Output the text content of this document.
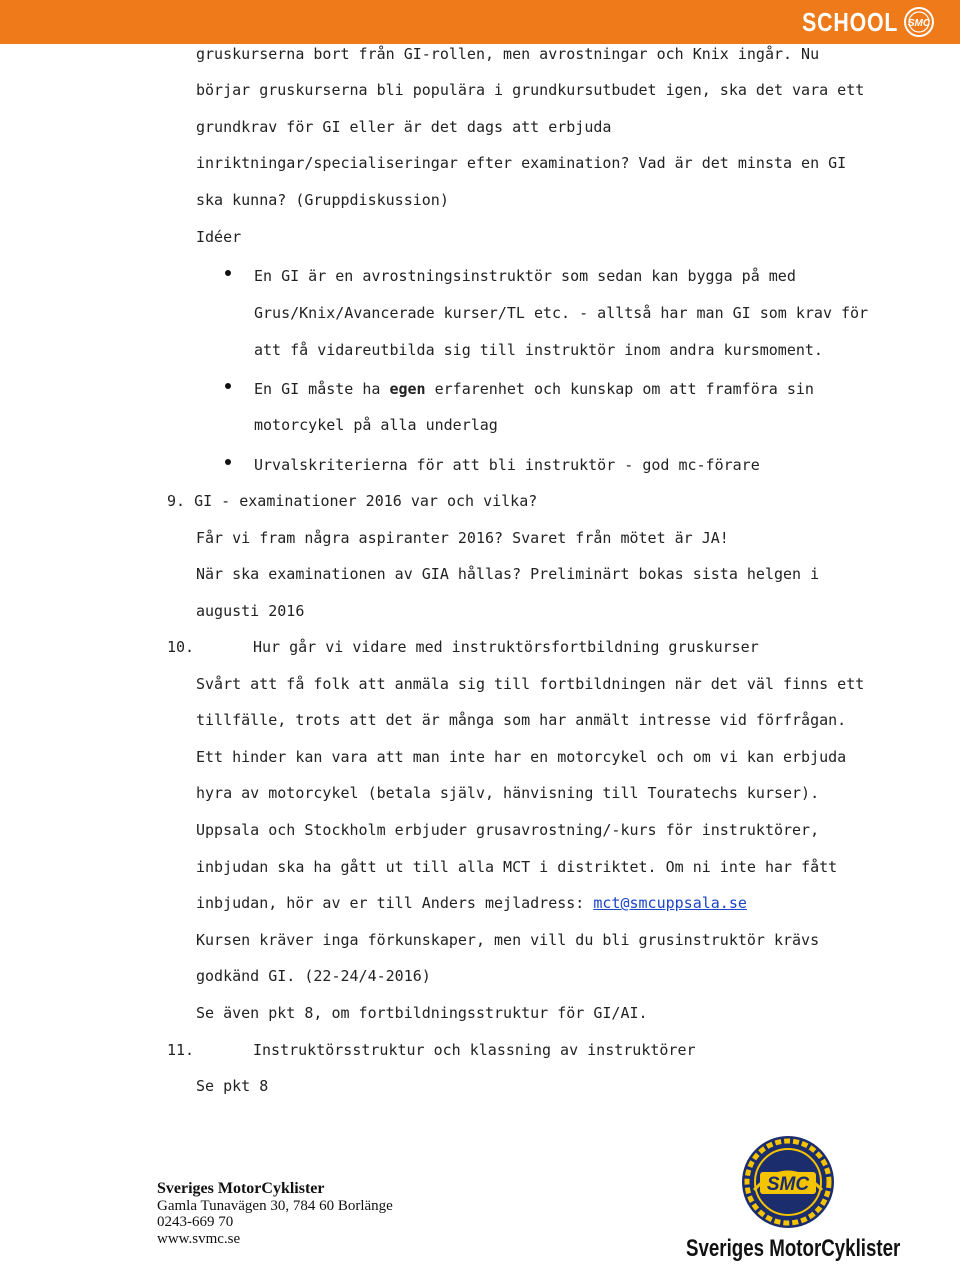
SCHOOL SMC
gruskurserna bort från GI-rollen, men avrostningar och Knix ingår. Nu
börjar gruskurserna bli populära i grundkursutbudet igen, ska det vara ett
grundkrav för GI eller är det dags att erbjuda
inriktningar/specialiseringar efter examination? Vad är det minsta en GI
ska kunna? (Gruppdiskussion)
Idéer
En GI är en avrostningsinstruktör som sedan kan bygga på med
Grus/Knix/Avancerade kurser/TL etc. - alltså har man GI som krav för
att få vidareutbilda sig till instruktör inom andra kursmoment.
En GI måste ha egen erfarenhet och kunskap om att framföra sin
motorcykel på alla underlag
Urvalskriterierna för att bli instruktör - god mc-förare
9. GI - examinationer 2016 var och vilka?
Får vi fram några aspiranter 2016? Svaret från mötet är JA!
När ska examinationen av GIA hållas? Preliminärt bokas sista helgen i
augusti 2016
10.	Hur går vi vidare med instruktörsfortbildning gruskurser
Svårt att få folk att anmäla sig till fortbildningen när det väl finns ett
tillfälle, trots att det är många som har anmält intresse vid förfrågan.
Ett hinder kan vara att man inte har en motorcykel och om vi kan erbjuda
hyra av motorcykel (betala själv, hänvisning till Touratechs kurser).
Uppsala och Stockholm erbjuder grusavrostning/-kurs för instruktörer,
inbjudan ska ha gått ut till alla MCT i distriktet. Om ni inte har fått
inbjudan, hör av er till Anders mejladress: mct@smcuppsala.se
Kursen kräver inga förkunskaper, men vill du bli grusinstruktör krävs
godkänd GI. (22-24/4-2016)
Se även pkt 8, om fortbildningsstruktur för GI/AI.
11.	Instruktörsstruktur och klassning av instruktörer
Se pkt 8
Sveriges MotorCyklister
Gamla Tunavägen 30, 784 60 Borlänge
0243-669 70
www.svmc.se
SMC
Sveriges MotorCyklister
